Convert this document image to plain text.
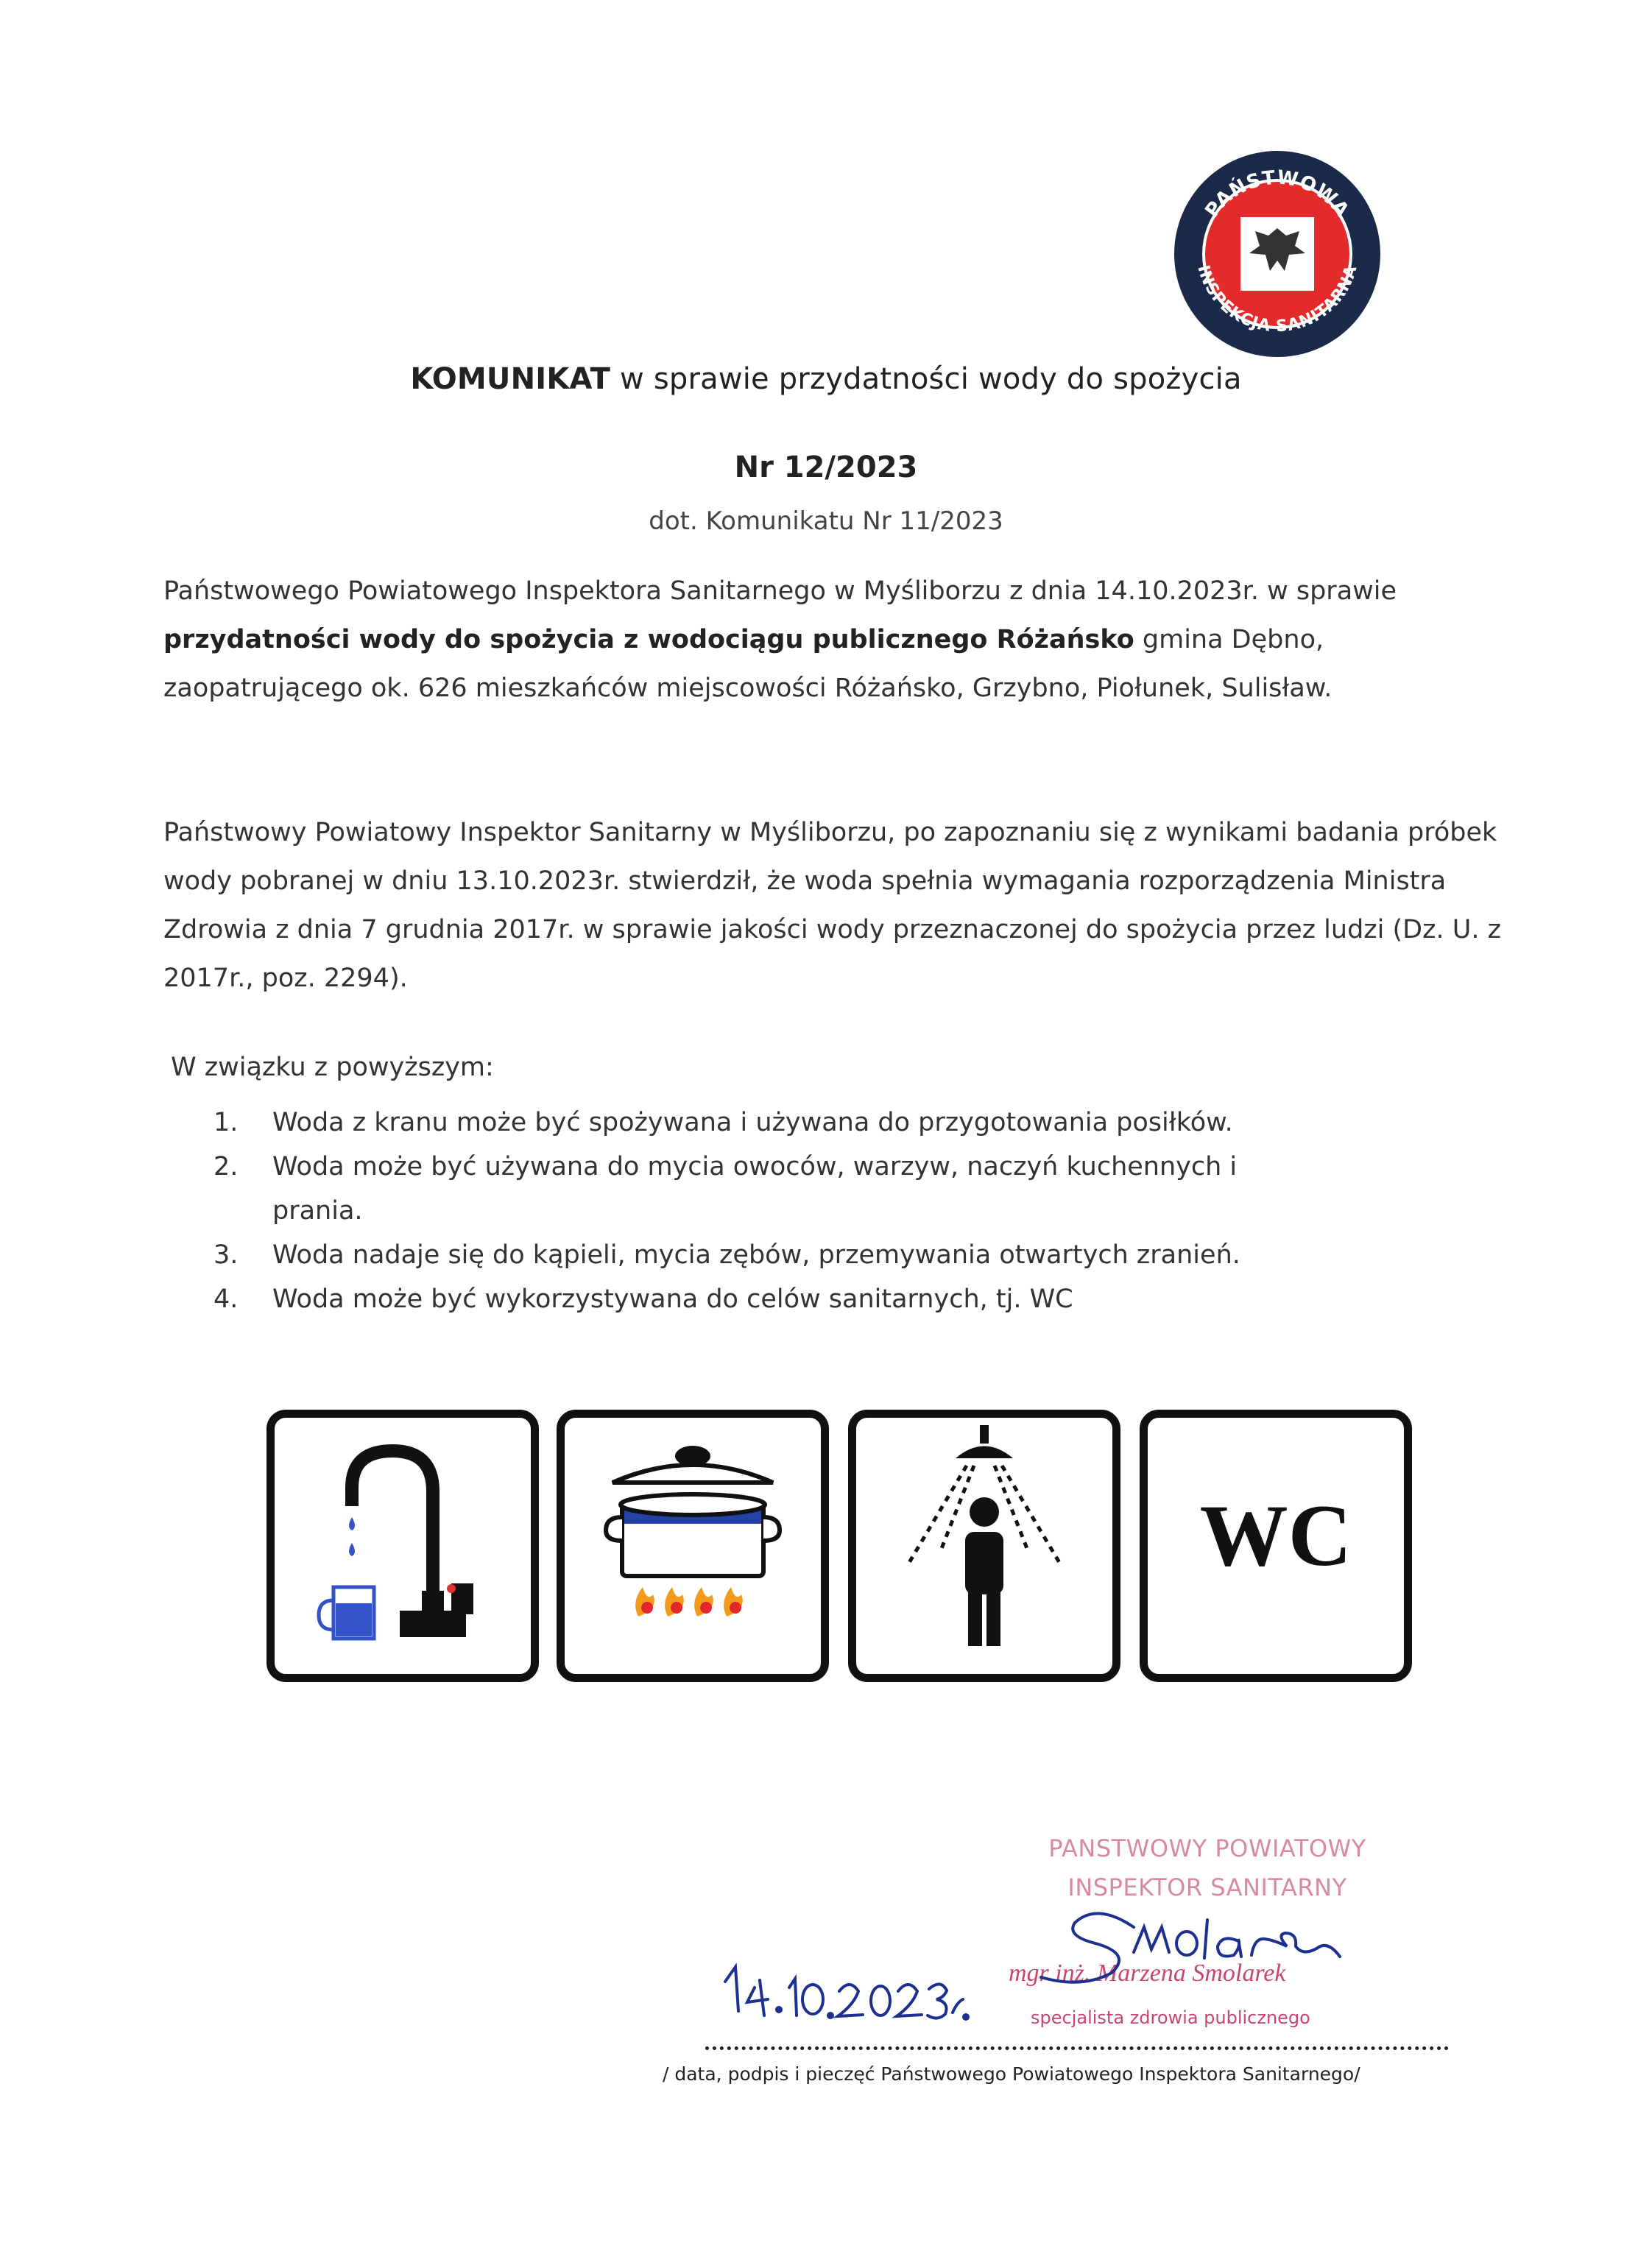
PAŃSTWOWA
INSPEKCJA SANITARNA
KOMUNIKAT w sprawie przydatności wody do spożycia
Nr 12/2023
dot. Komunikatu Nr 11/2023
Państwowego Powiatowego Inspektora Sanitarnego w Myśliborzu z dnia 14.10.2023r. w sprawie przydatności wody do spożycia z wodociągu publicznego Różańsko gmina Dębno, zaopatrującego ok. 626 mieszkańców miejscowości Różańsko, Grzybno, Piołunek, Sulisław.
Państwowy Powiatowy Inspektor Sanitarny w Myśliborzu, po zapoznaniu się z wynikami badania próbek wody pobranej w dniu 13.10.2023r. stwierdził, że woda spełnia wymagania rozporządzenia Ministra Zdrowia z dnia 7 grudnia 2017r. w sprawie jakości wody przeznaczonej do spożycia przez ludzi (Dz. U. z 2017r., poz. 2294).
W związku z powyższym:
1. Woda z kranu może być spożywana i używana do przygotowania posiłków.
2. Woda może być używana do mycia owoców, warzyw, naczyń kuchennych i prania.
3. Woda nadaje się do kąpieli, mycia zębów, przemywania otwartych zranień.
4. Woda może być wykorzystywana do celów sanitarnych, tj. WC
WC
PANSTWOWY POWIATOWY
INSPEKTOR SANITARNY
mgr inż. Marzena Smolarek
specjalista zdrowia publicznego
/ data, podpis i pieczęć Państwowego Powiatowego Inspektora Sanitarnego/
